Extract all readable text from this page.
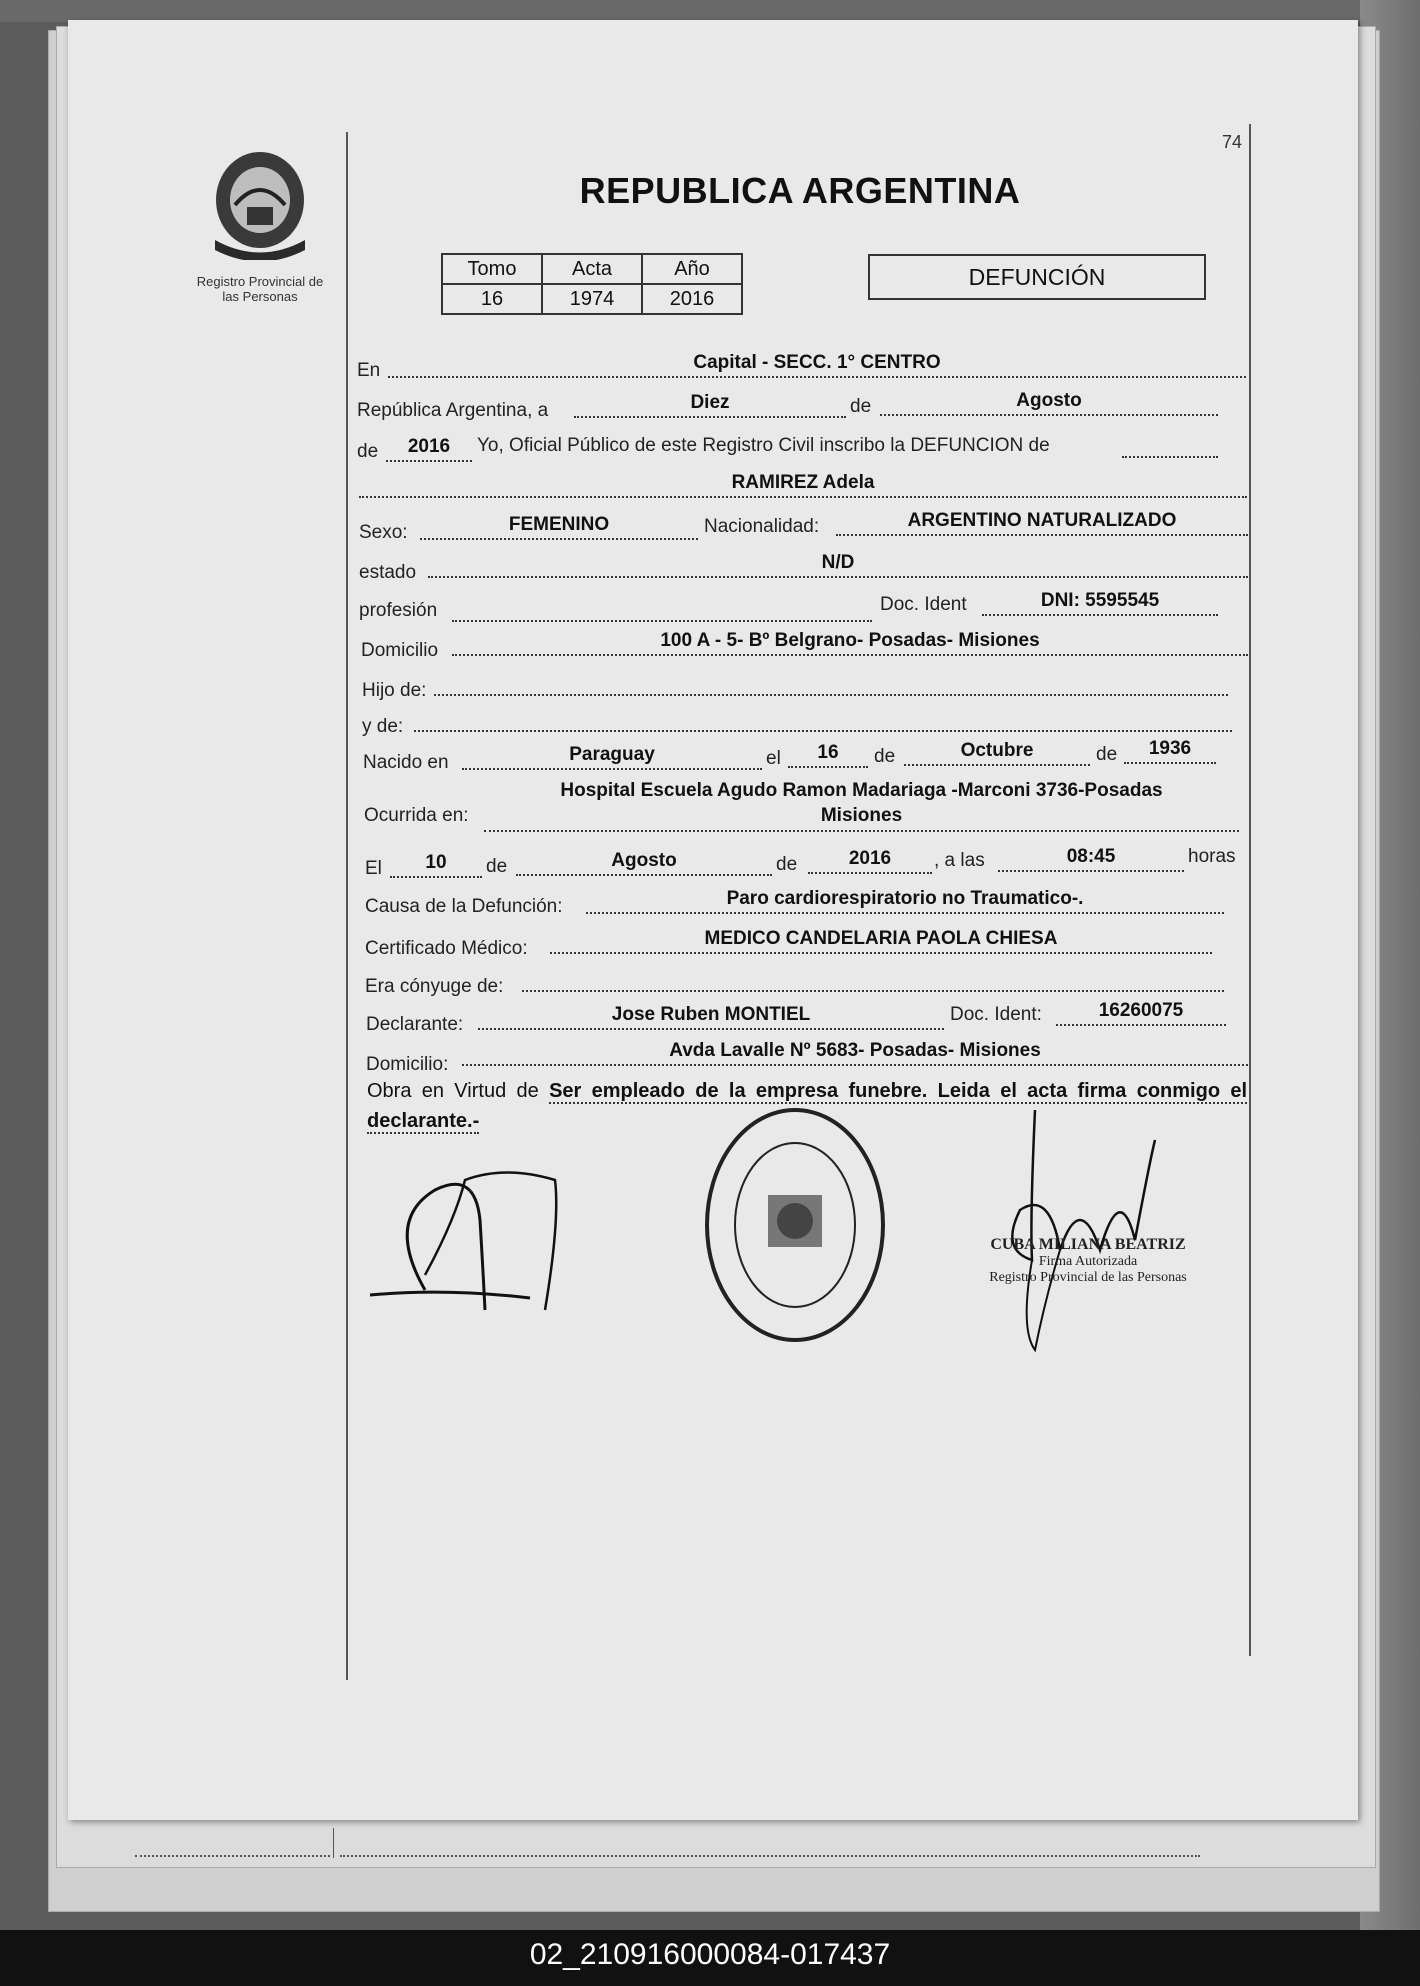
Registro Provincial de
las Personas
74
REPUBLICA ARGENTINA
Tomo	Acta	Año
16	1974	2016
DEFUNCIÓN
En	Capital - SECC. 1° CENTRO
República Argentina, a	Diez	de	Agosto
de	2016	Yo, Oficial Público de este Registro Civil inscribo la DEFUNCION de
RAMIREZ Adela
Sexo:	FEMENINO	Nacionalidad:	ARGENTINO NATURALIZADO
estado	N/D
profesión	Doc. Ident	DNI: 5595545
Domicilio	100 A - 5- Bº Belgrano- Posadas- Misiones
Hijo de:
y de:
Nacido en	Paraguay	el	16	de	Octubre	de	1936
Ocurrida en:
Hospital Escuela Agudo Ramon Madariaga -Marconi 3736-Posadas
Misiones
El	10	de	Agosto	de	2016	, a las	08:45	horas
Causa de la Defunción:	Paro cardiorespiratorio no Traumatico-.
Certificado Médico:	MEDICO CANDELARIA PAOLA CHIESA
Era cónyuge de:
Declarante:	Jose Ruben MONTIEL	Doc. Ident:	16260075
Domicilio:
Avda Lavalle Nº 5683- Posadas- Misiones
Obra en Virtud de Ser empleado de la empresa funebre. Leida el acta firma conmigo el declarante.-
CUBA MILIANA BEATRIZ
Firma Autorizada
Registro Provincial de las Personas
02_210916000084-017437
